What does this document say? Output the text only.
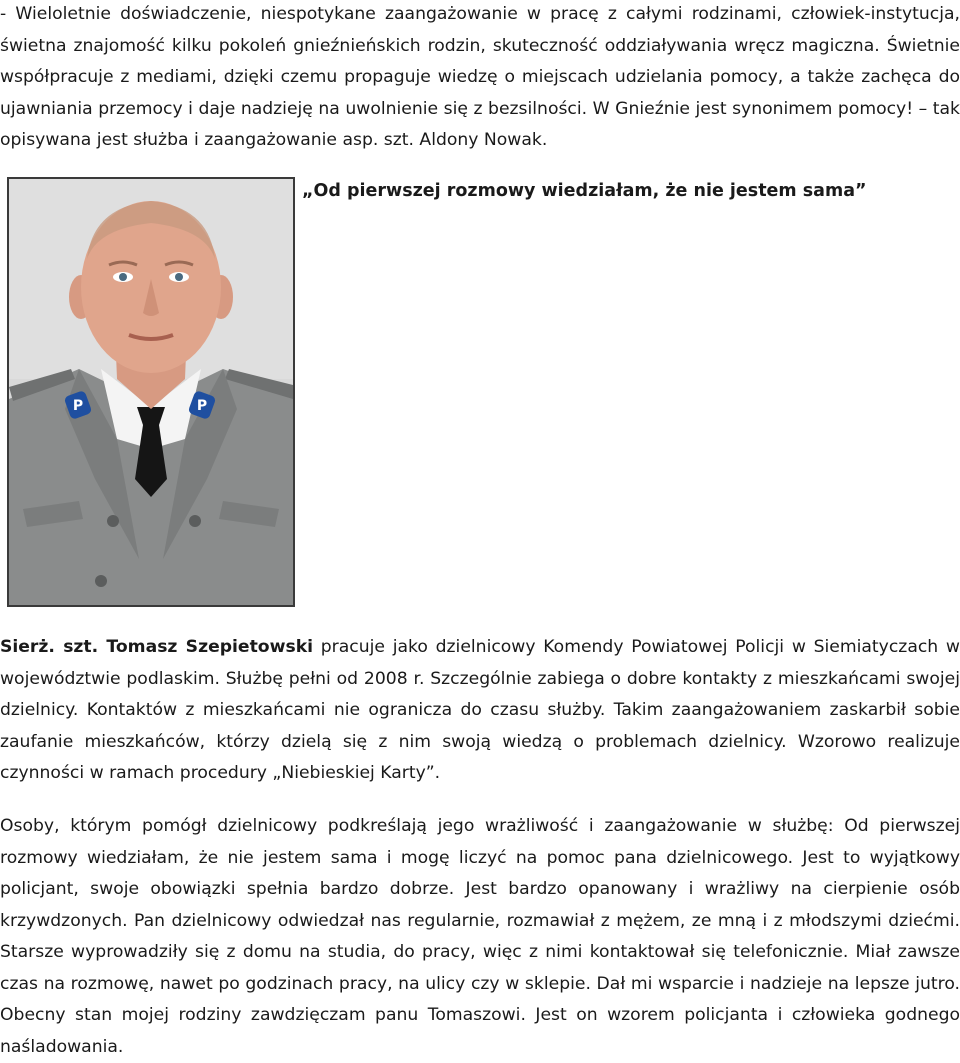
- Wieloletnie doświadczenie, niespotykane zaangażowanie w pracę z całymi rodzinami, człowiek-instytucja, świetna znajomość kilku pokoleń gnieźnieńskich rodzin, skuteczność oddziaływania wręcz magiczna. Świetnie współpracuje z mediami, dzięki czemu propaguje wiedzę o miejscach udzielania pomocy, a także zachęca do ujawniania przemocy i daje nadzieję na uwolnienie się z bezsilności. W Gnieźnie jest synonimem pomocy! – tak opisywana jest służba i zaangażowanie asp. szt. Aldony Nowak.

P	P
„Od pierwszej rozmowy wiedziałam, że nie jestem sama”

Sierż. szt. Tomasz Szepietowski pracuje jako dzielnicowy Komendy Powiatowej Policji w Siemiatyczach w województwie podlaskim. Służbę pełni od 2008 r. Szczególnie zabiega o dobre kontakty z mieszkańcami swojej dzielnicy. Kontaktów z mieszkańcami nie ogranicza do czasu służby. Takim zaangażowaniem zaskarbił sobie zaufanie mieszkańców, którzy dzielą się z nim swoją wiedzą o problemach dzielnicy. Wzorowo realizuje czynności w ramach procedury „Niebieskiej Karty”.

Osoby, którym pomógł dzielnicowy podkreślają jego wrażliwość i zaangażowanie w służbę: Od pierwszej rozmowy wiedziałam, że nie jestem sama i mogę liczyć na pomoc pana dzielnicowego. Jest to wyjątkowy policjant, swoje obowiązki spełnia bardzo dobrze. Jest bardzo opanowany i wrażliwy na cierpienie osób krzywdzonych. Pan dzielnicowy odwiedzał nas regularnie, rozmawiał z mężem, ze mną i z młodszymi dziećmi. Starsze wyprowadziły się z domu na studia, do pracy, więc z nimi kontaktował się telefonicznie. Miał zawsze czas na rozmowę, nawet po godzinach pracy, na ulicy czy w sklepie. Dał mi wsparcie i nadzieje na lepsze jutro. Obecny stan mojej rodziny zawdzięczam panu Tomaszowi. Jest on wzorem policjanta i człowieka godnego naśladowania.
